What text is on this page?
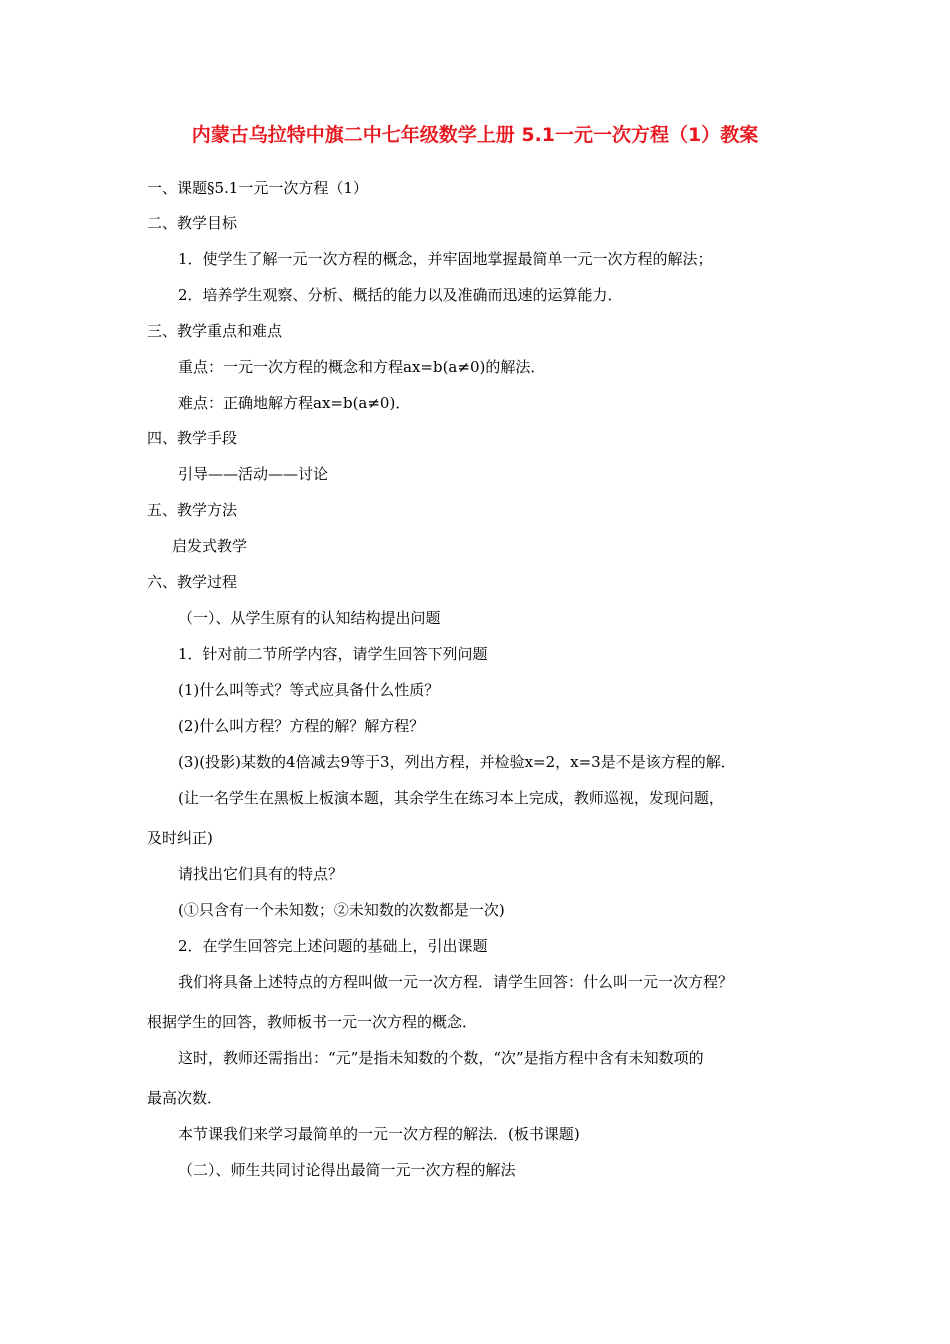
内蒙古乌拉特中旗二中七年级数学上册 5.1一元一次方程（1）教案

一、课题§5.1一元一次方程（1）

二、教学目标

1．使学生了解一元一次方程的概念，并牢固地掌握最简单一元一次方程的解法；

2．培养学生观察、分析、概括的能力以及准确而迅速的运算能力．

三、教学重点和难点

重点：一元一次方程的概念和方程ax=b(a≠0)的解法．

难点：正确地解方程ax=b(a≠0)．

四、教学手段

引导——活动——讨论

五、教学方法

启发式教学

六、教学过程

（一）、从学生原有的认知结构提出问题

1．针对前二节所学内容，请学生回答下列问题

(1)什么叫等式？等式应具备什么性质？

(2)什么叫方程？方程的解？解方程？

(3)(投影)某数的4倍减去9等于3，列出方程，并检验x=2，x=3是不是该方程的解．

(让一名学生在黑板上板演本题，其余学生在练习本上完成，教师巡视，发现问题，

及时纠正)

请找出它们具有的特点？

(①只含有一个未知数；②未知数的次数都是一次)

2．在学生回答完上述问题的基础上，引出课题

我们将具备上述特点的方程叫做一元一次方程．请学生回答：什么叫一元一次方程？

根据学生的回答，教师板书一元一次方程的概念．

这时，教师还需指出：“元”是指未知数的个数，“次”是指方程中含有未知数项的

最高次数．

本节课我们来学习最简单的一元一次方程的解法．(板书课题)

（二）、师生共同讨论得出最简一元一次方程的解法
